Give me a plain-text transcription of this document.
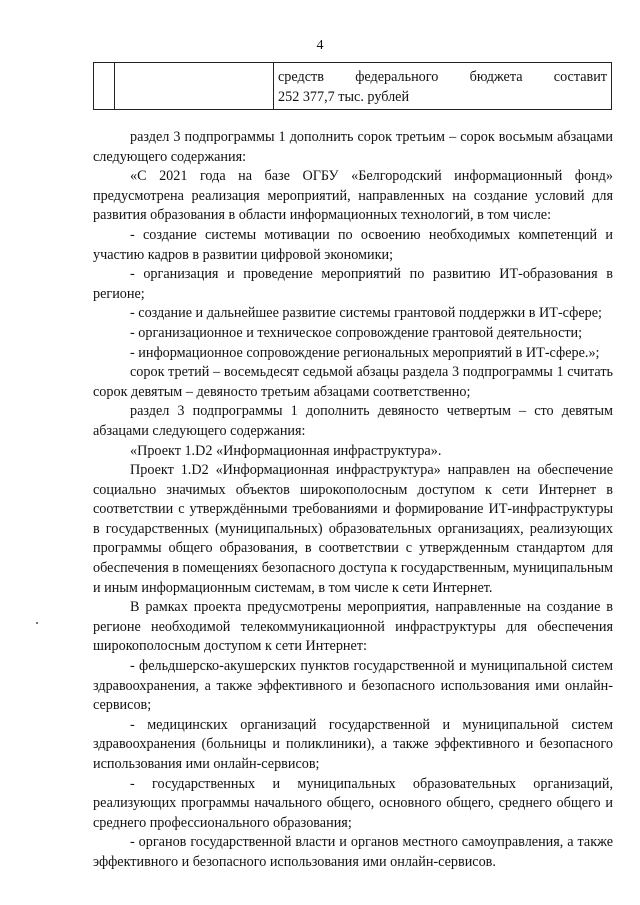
4

средств федерального бюджета составит
252 377,7 тыс. рублей

раздел 3 подпрограммы 1 дополнить сорок третьим – сорок восьмым абзацами следующего содержания:

«С 2021 года на базе ОГБУ «Белгородский информационный фонд» предусмотрена реализация мероприятий, направленных на создание условий для развития образования в области информационных технологий, в том числе:

- создание системы мотивации по освоению необходимых компетенций и участию кадров в развитии цифровой экономики;

- организация и проведение мероприятий по развитию ИТ-образования в регионе;

- создание и дальнейшее развитие системы грантовой поддержки в ИТ-сфере;

- организационное и техническое сопровождение грантовой деятельности;

- информационное сопровождение региональных мероприятий в ИТ-сфере.»;

сорок третий – восемьдесят седьмой абзацы раздела 3 подпрограммы 1 считать сорок девятым – девяносто третьим абзацами соответственно;

раздел 3 подпрограммы 1 дополнить девяносто четвертым – сто девятым абзацами следующего содержания:

«Проект 1.D2 «Информационная инфраструктура».

Проект 1.D2 «Информационная инфраструктура» направлен на обеспечение социально значимых объектов широкополосным доступом к сети Интернет в соответствии с утверждёнными требованиями и формирование ИТ-инфраструктуры в государственных (муниципальных) образовательных организациях, реализующих программы общего образования, в соответствии с утвержденным стандартом для обеспечения в помещениях безопасного доступа к государственным, муниципальным и иным информационным системам, в том числе к сети Интернет.

В рамках проекта предусмотрены мероприятия, направленные на создание в регионе необходимой телекоммуникационной инфраструктуры для обеспечения широкополосным доступом к сети Интернет:

- фельдшерско-акушерских пунктов государственной и муниципальной систем здравоохранения, а также эффективного и безопасного использования ими онлайн-сервисов;

- медицинских организаций государственной и муниципальной систем здравоохранения (больницы и поликлиники), а также эффективного и безопасного использования ими онлайн-сервисов;

- государственных и муниципальных образовательных организаций, реализующих программы начального общего, основного общего, среднего общего и среднего профессионального образования;

- органов государственной власти и органов местного самоуправления, а также эффективного и безопасного использования ими онлайн-сервисов.
